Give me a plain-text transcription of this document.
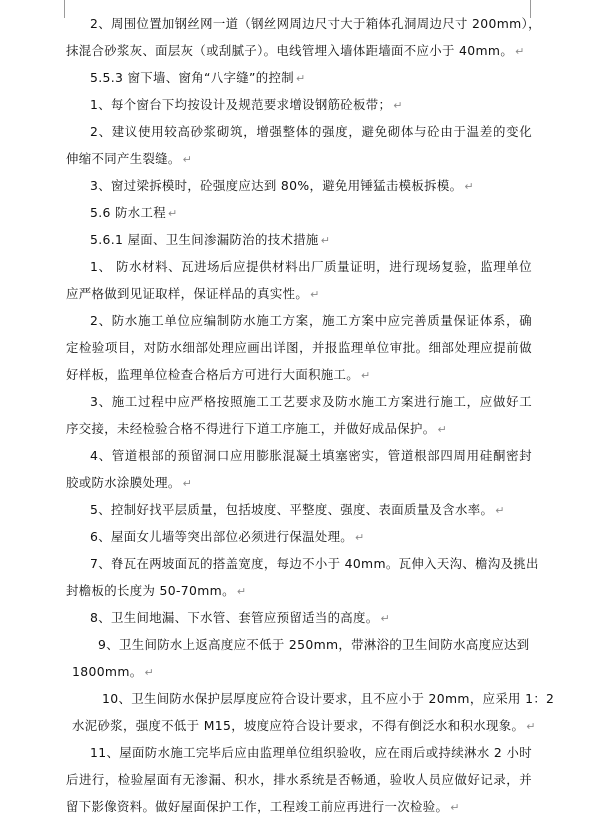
2、周围位置加钢丝网一道（钢丝网周边尺寸大于箱体孔洞周边尺寸 200mm），
抹混合砂浆灰、面层灰（或刮腻子）。电线管埋入墙体距墙面不应小于 40mm。 ↵
5.5.3 窗下墙、窗角“八字缝”的控制 ↵
1、每个窗台下均按设计及规范要求增设钢筋砼板带； ↵
2、建议使用较高砂浆砌筑，增强整体的强度，避免砌体与砼由于温差的变化
伸缩不同产生裂缝。 ↵
3、窗过梁拆模时，砼强度应达到 80%，避免用锤猛击模板拆模。 ↵
5.6 防水工程 ↵
5.6.1 屋面、卫生间渗漏防治的技术措施 ↵
1、 防水材料、瓦进场后应提供材料出厂质量证明，进行现场复验，监理单位
应严格做到见证取样，保证样品的真实性。 ↵
2、防水施工单位应编制防水施工方案，施工方案中应完善质量保证体系，确
定检验项目，对防水细部处理应画出详图，并报监理单位审批。细部处理应提前做
好样板，监理单位检查合格后方可进行大面积施工。 ↵
3、施工过程中应严格按照施工工艺要求及防水施工方案进行施工，应做好工
序交接，未经检验合格不得进行下道工序施工，并做好成品保护。 ↵
4、管道根部的预留洞口应用膨胀混凝土填塞密实，管道根部四周用硅酮密封
胶或防水涂膜处理。 ↵
5、控制好找平层质量，包括坡度、平整度、强度、表面质量及含水率。 ↵
6、屋面女儿墙等突出部位必须进行保温处理。 ↵
7、脊瓦在两坡面瓦的搭盖宽度，每边不小于 40mm。瓦伸入天沟、檐沟及挑出
封檐板的长度为 50-70mm。 ↵
8、卫生间地漏、下水管、套管应预留适当的高度。 ↵
9、卫生间防水上返高度应不低于 250mm，带淋浴的卫生间防水高度应达到
1800mm。 ↵
10、卫生间防水保护层厚度应符合设计要求，且不应小于 20mm，应采用 1：2
水泥砂浆，强度不低于 M15，坡度应符合设计要求，不得有倒泛水和积水现象。 ↵
11、屋面防水施工完毕后应由监理单位组织验收，应在雨后或持续淋水 2 小时
后进行，检验屋面有无渗漏、积水，排水系统是否畅通，验收人员应做好记录，并
留下影像资料。做好屋面保护工作，工程竣工前应再进行一次检验。 ↵
